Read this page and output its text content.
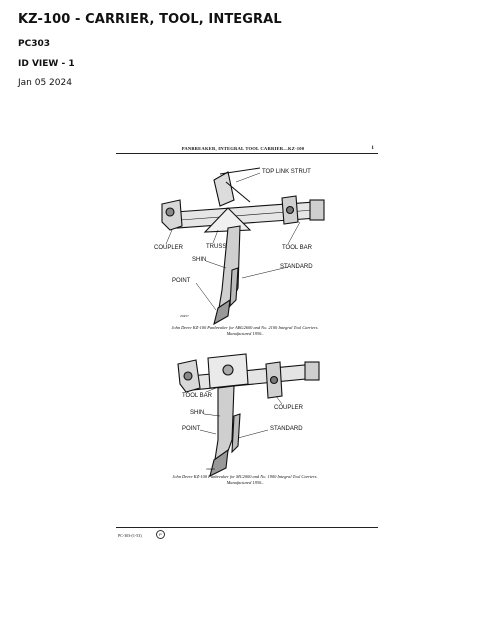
KZ-100 - CARRIER, TOOL, INTEGRAL
PC303
ID VIEW - 1
Jan 05 2024
PANBREAKER, INTEGRAL TOOL CARRIER—KZ-100	1
TOP LINK STRUT
TRUSS
COUPLER	TOOL BAR
SHIN
STANDARD
POINT
20457
John Deere KZ-100 Panbreaker for ABG2600 and No. 2100 Integral Tool Carriers.
Manufactured 1950–
TOOL BAR
COUPLER
SHIN
POINT	STANDARD
20458
John Deere KZ-100 Panbreaker for MC2000 and No. 1900 Integral Tool Carriers.
Manufactured 1950–
PC-303-(1-53)	P
